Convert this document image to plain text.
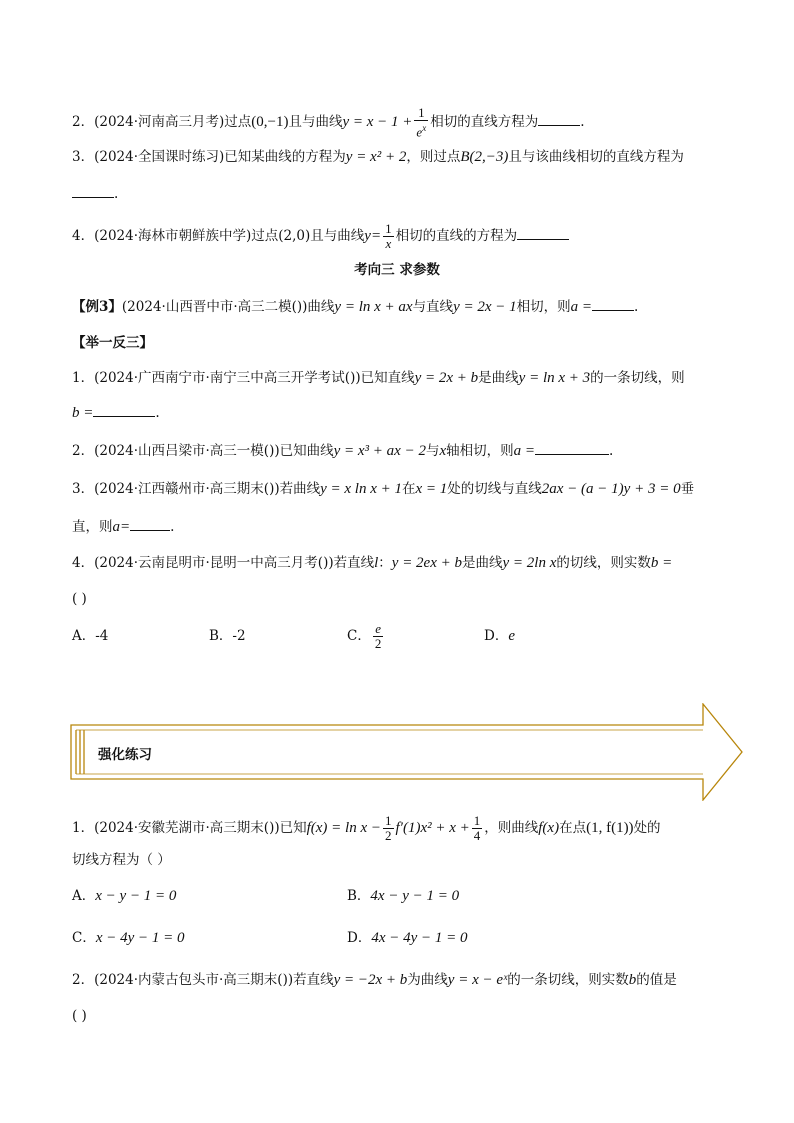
2．(2024·河南高三月考)过点(0,−1)且与曲线$y = x - 1 + \frac{1}{e^x}$ 相切的直线方程为	.
3．(2024·全国课时练习)已知某曲线的方程为y = x² + 2，则过点B(2,−3)且与该曲线相切的直线方程为
.
4．(2024·海林市朝鲜族中学)过点(2,0)且与曲线$y= \frac{1}{x}$ 相切的直线的方程为
考向三 求参数
【例3】(2024·山西晋中市·高三二模())曲线y = ln x + ax与直线y = 2x − 1相切，则a =	.
【举一反三】
1．(2024·广西南宁市·南宁三中高三开学考试())已知直线y = 2x + b是曲线y = ln x + 3的一条切线，则
b =	.
2．(2024·山西吕梁市·高三一模())已知曲线y = x³ + ax − 2与x轴相切，则a =	.
3．(2024·江西赣州市·高三期末())若曲线y = x ln x + 1在x = 1处的切线与直线2ax − (a − 1)y + 3 = 0垂
直，则a=	.
4．(2024·云南昆明市·昆明一中高三月考())若直线l：y = 2ex + b是曲线y = 2ln x的切线，则实数b =
( )
A．-4	B．-2	C． $\frac{e}{2}$	D．e
强化练习
1．(2024·安徽芜湖市·高三期末())已知$f(x) = \ln x - \frac{1}{2} f'(1)x^2 + x + \frac{1}{4}$ ，则曲线f(x)在点(1, f(1))处的
切线方程为（ ）
A．x − y − 1 = 0	B．4x − y − 1 = 0
C．x − 4y − 1 = 0	D．4x − 4y − 1 = 0
2．(2024·内蒙古包头市·高三期末())若直线y = −2x + b为曲线y = x − eˣ的一条切线，则实数b的值是
( )
